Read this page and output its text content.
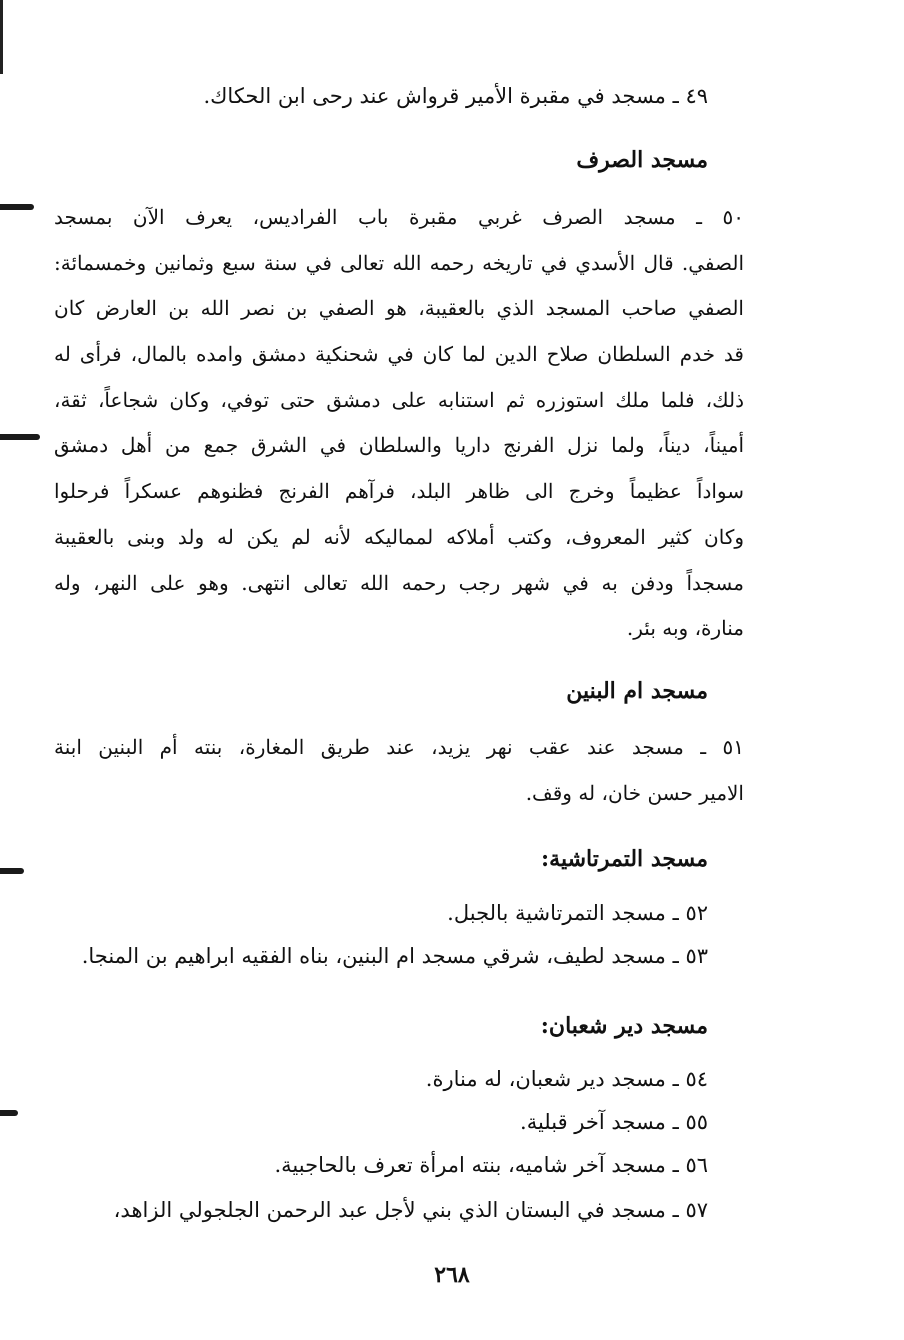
٤٩ ـ مسجد في مقبرة الأمير قرواش عند رحى ابن الحكاك.
مسجد الصرف
٥٠ ـ مسجد الصرف غربي مقبرة باب الفراديس، يعرف الآن بمسجد
الصفي. قال الأسدي في تاريخه رحمه الله تعالى في سنة سبع وثمانين وخمسمائة:
الصفي صاحب المسجد الذي بالعقيبة، هو الصفي بن نصر الله بن العارض كان
قد خدم السلطان صلاح الدين لما كان في شحنكية دمشق وامده بالمال، فرأى له
ذلك، فلما ملك استوزره ثم استنابه على دمشق حتى توفي، وكان شجاعاً، ثقة،
أميناً، ديناً، ولما نزل الفرنج داريا والسلطان في الشرق جمع من أهل دمشق
سواداً عظيماً وخرج الى ظاهر البلد، فرآهم الفرنج فظنوهم عسكراً فرحلوا
وكان كثير المعروف، وكتب أملاكه لمماليكه لأنه لم يكن له ولد وبنى بالعقيبة
مسجداً ودفن به في شهر رجب رحمه الله تعالى انتهى. وهو على النهر، وله
منارة، وبه بئر.
مسجد ام البنين
٥١ ـ مسجد عند عقب نهر يزيد، عند طريق المغارة، بنته أم البنين ابنة
الامير حسن خان، له وقف.
مسجد التمرتاشية:
٥٢ ـ مسجد التمرتاشية بالجبل.
٥٣ ـ مسجد لطيف، شرقي مسجد ام البنين، بناه الفقيه ابراهيم بن المنجا.
مسجد دير شعبان:
٥٤ ـ مسجد دير شعبان، له منارة.
٥٥ ـ مسجد آخر قبلية.
٥٦ ـ مسجد آخر شاميه، بنته امرأة تعرف بالحاجبية.
٥٧ ـ مسجد في البستان الذي بني لأجل عبد الرحمن الجلجولي الزاهد،
٢٦٨
